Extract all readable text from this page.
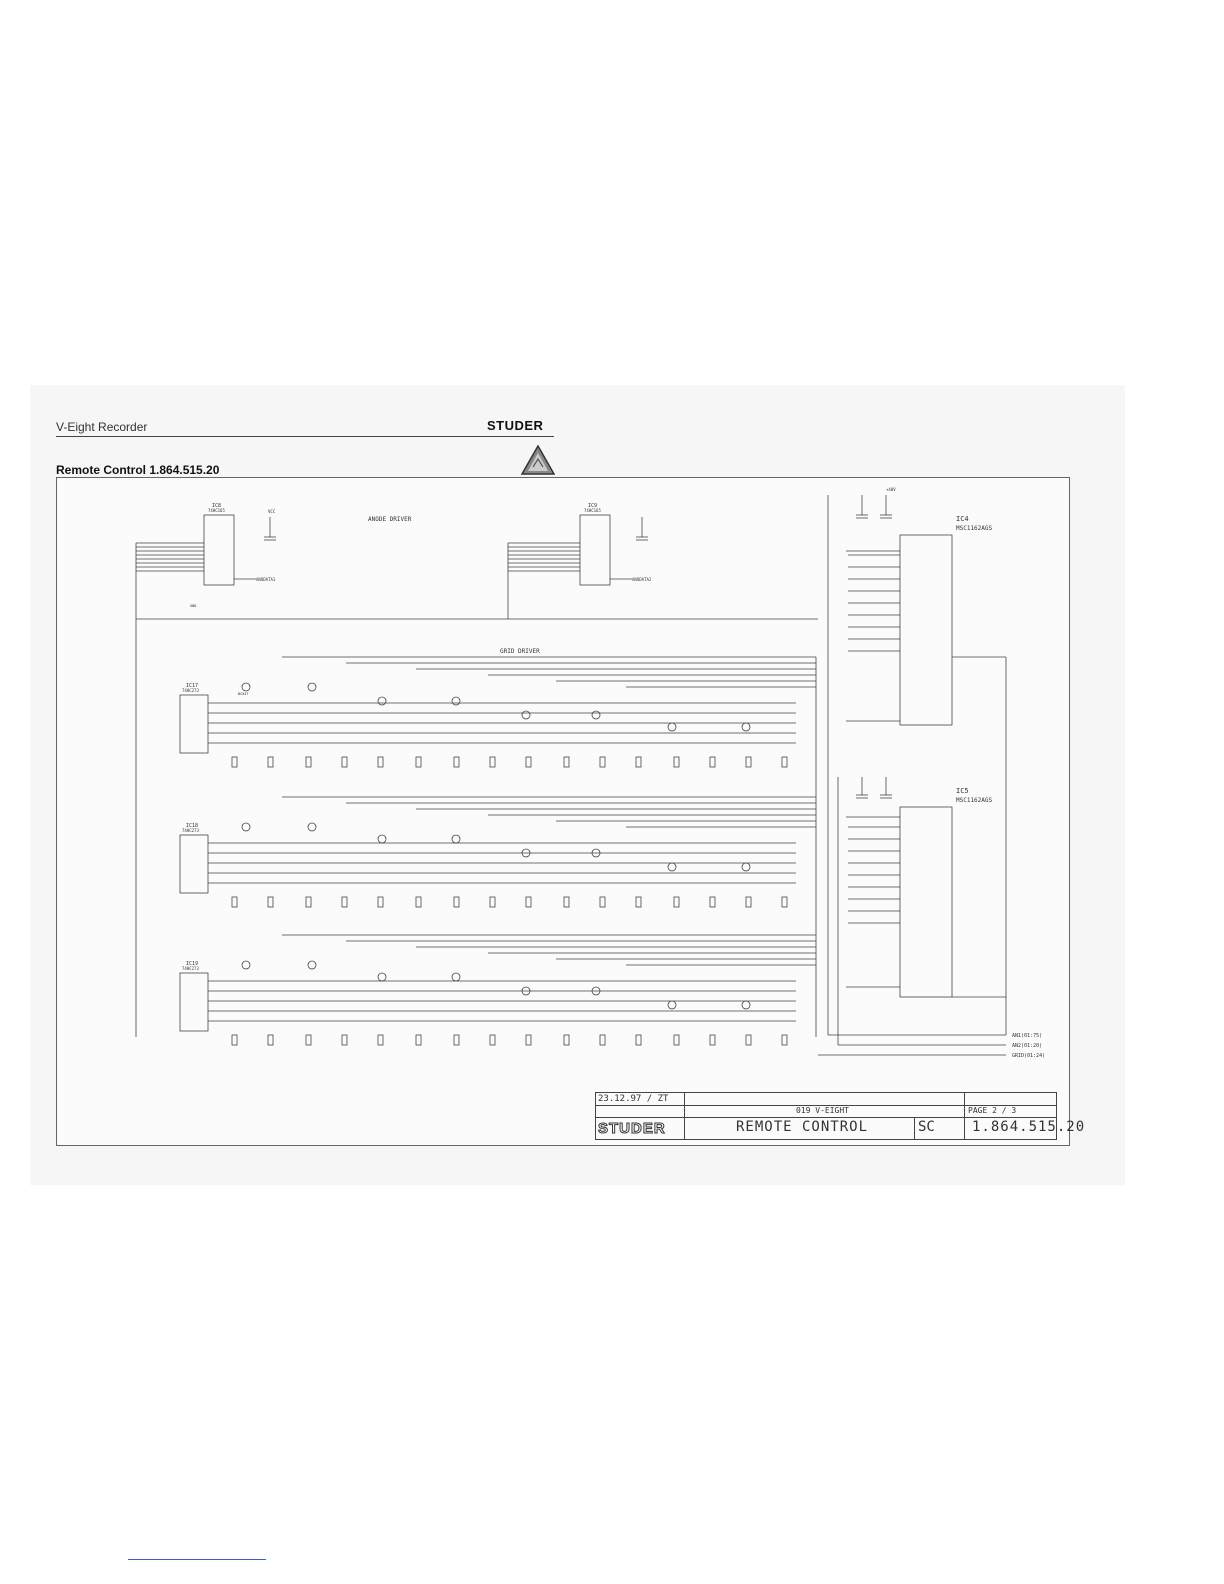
V-Eight Recorder	STUDER
Remote Control 1.864.515.20
ANODE DRIVER
GRID DRIVER
IC8
74HC165
IC9
74HC165
ANODATA1	ANODATA2
IC17
74HC273
IC18
74HC273
IC19
74HC273
IC4
MSC1162AGS
IC5
MSC1162AGS
VCC
+40V
BC847
GND
AN1(01:75)
AN2(01:20)
GRID(01:24)
23.12.97 / ZT
019 V-EIGHT	PAGE 2 / 3
STUDER	REMOTE CONTROL	SC	1.864.515.20
